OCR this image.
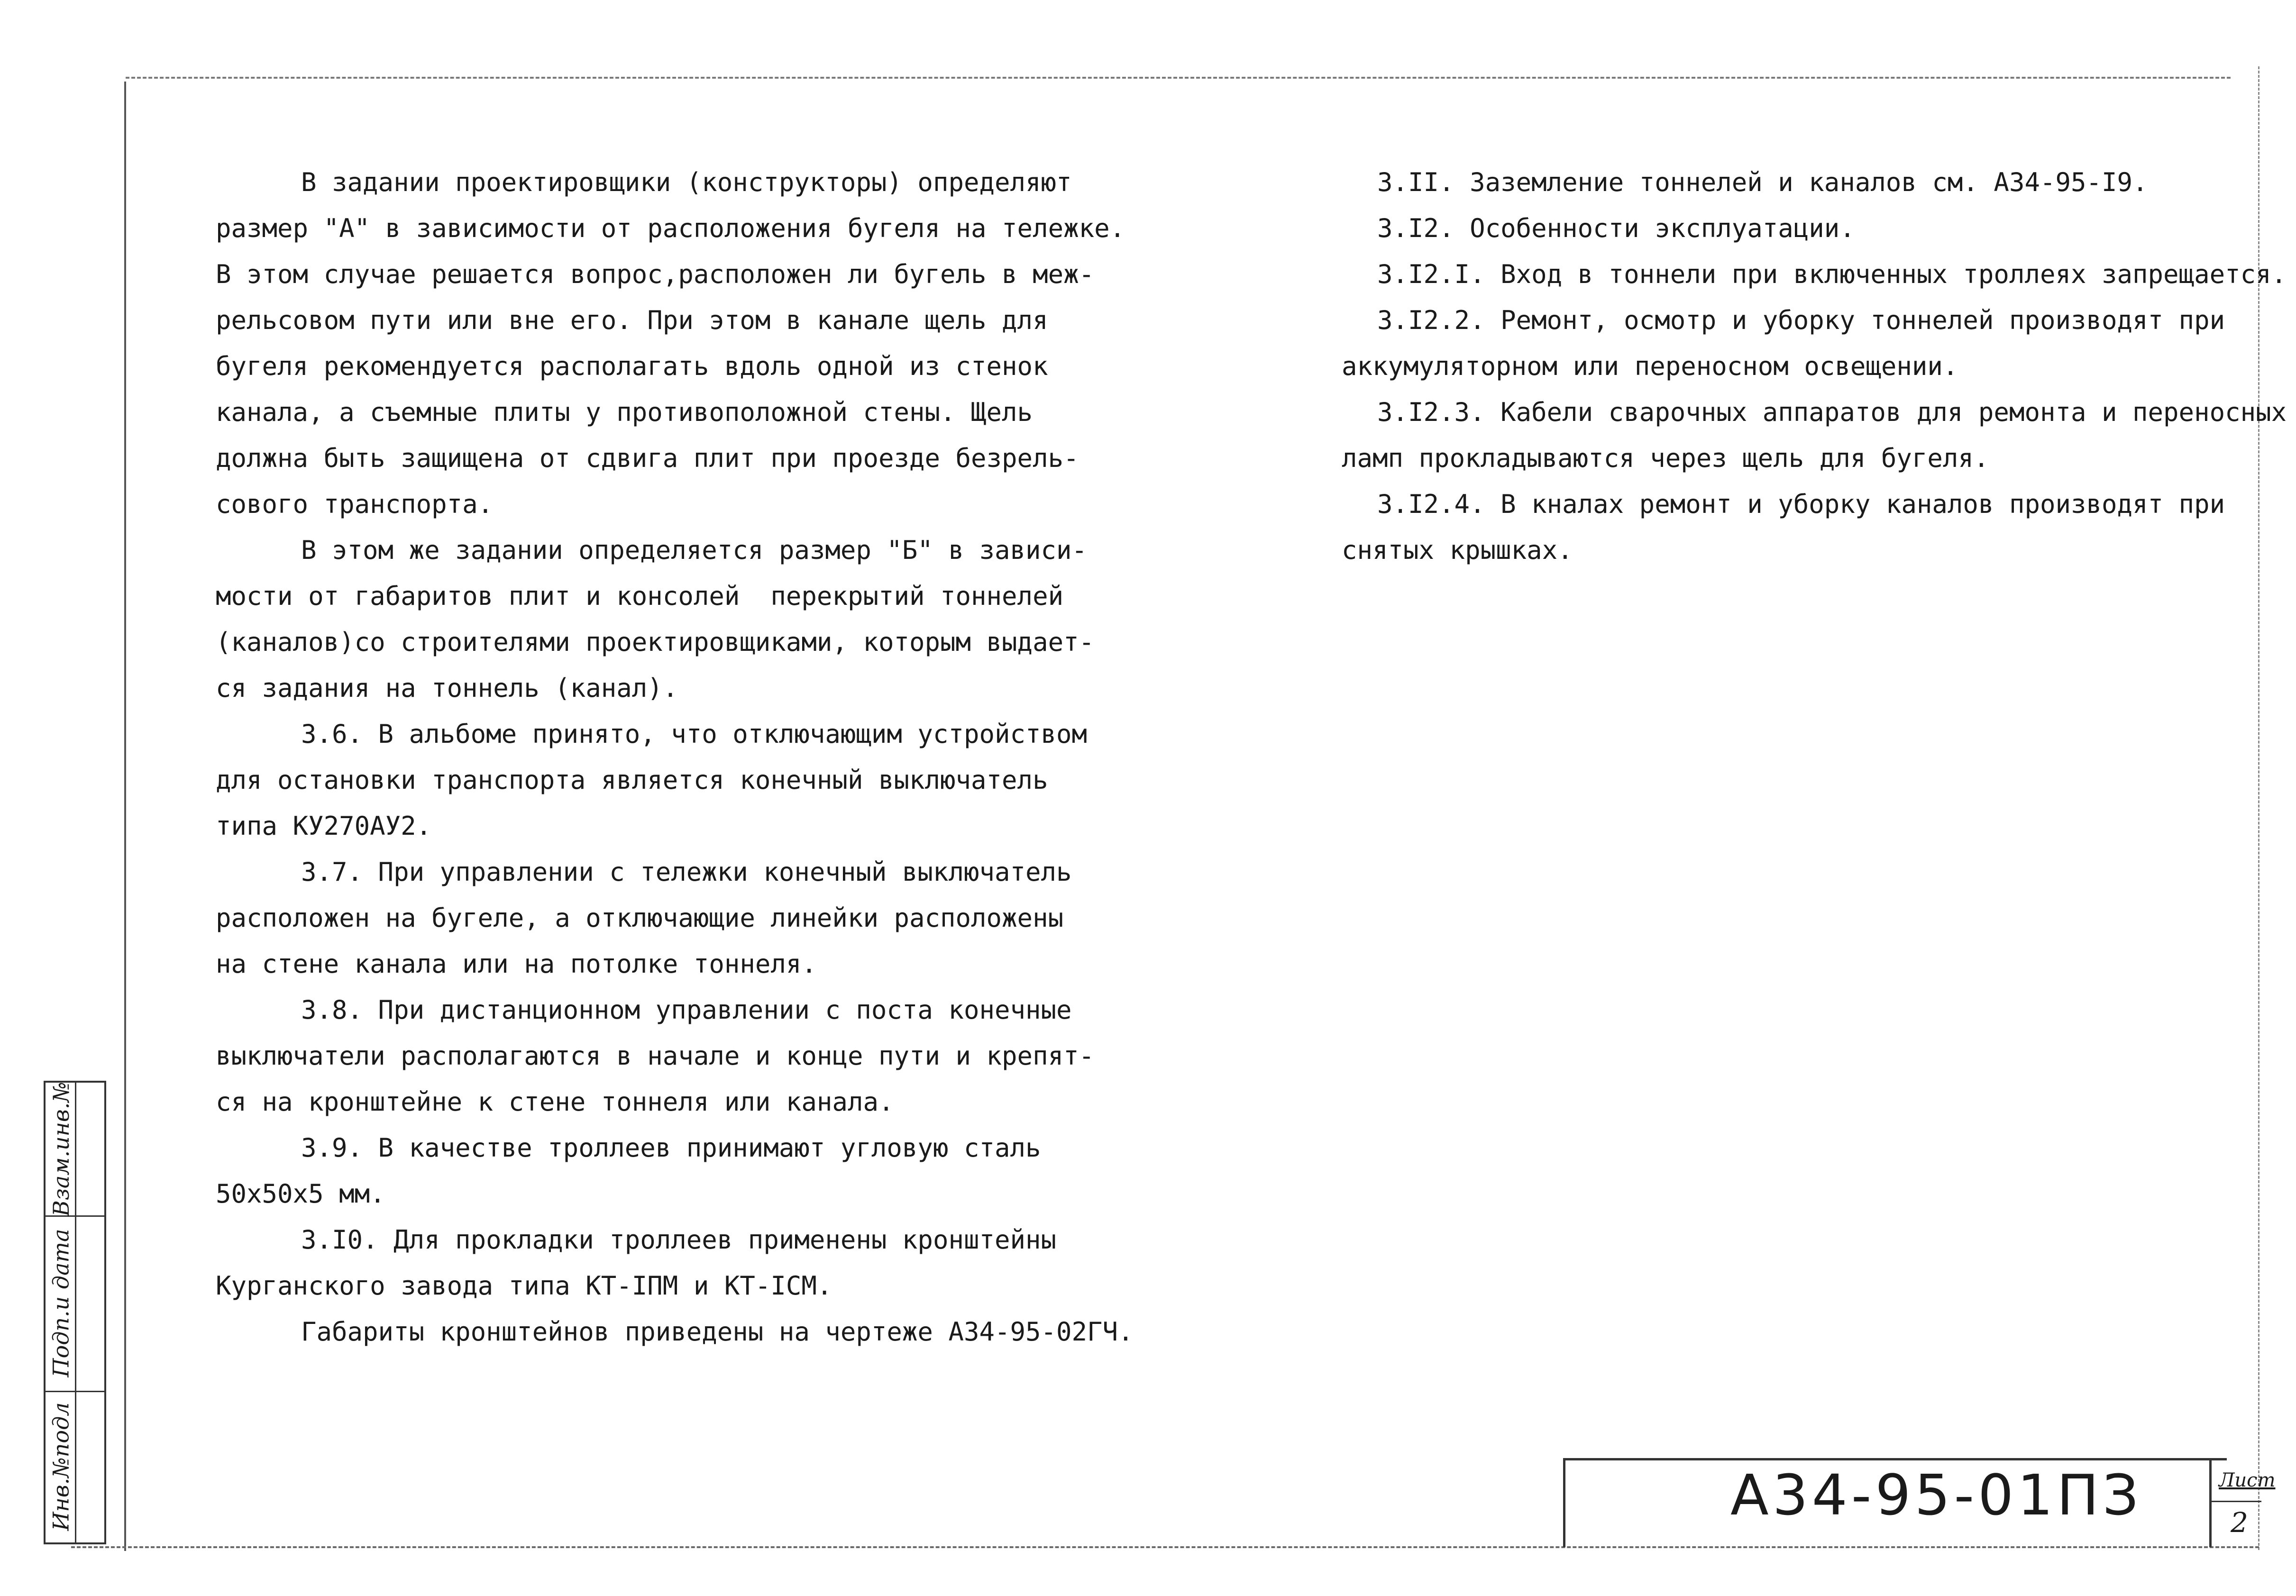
В задании проектировщики (конструкторы) определяют
размер "А" в зависимости от расположения бугеля на тележке.
В этом случае решается вопрос,расположен ли бугель в меж-
рельсовом пути или вне его. При этом в канале щель для
бугеля рекомендуется располагать вдоль одной из стенок
канала, а съемные плиты у противоположной стены. Щель
должна быть защищена от сдвига плит при проезде безрель-
сового транспорта.
В этом же задании определяется размер "Б" в зависи-
мости от габаритов плит и консолей  перекрытий тоннелей
(каналов)со строителями проектировщиками, которым выдает-
ся задания на тоннель (канал).
3.6. В альбоме принято, что отключающим устройством
для остановки транспорта является конечный выключатель
типа КУ270АУ2.
3.7. При управлении с тележки конечный выключатель
расположен на бугеле, а отключающие линейки расположены
на стене канала или на потолке тоннеля.
3.8. При дистанционном управлении с поста конечные
выключатели располагаются в начале и конце пути и крепят-
ся на кронштейне к стене тоннеля или канала.
3.9. В качестве троллеев принимают угловую сталь
50х50х5 мм.
3.I0. Для прокладки троллеев применены кронштейны
Курганского завода типа КТ-IПМ и КТ-IСМ.
Габариты кронштейнов приведены на чертеже А34-95-02ГЧ.
3.II. Заземление тоннелей и каналов см. А34-95-I9.
3.I2. Особенности эксплуатации.
3.I2.I. Вход в тоннели при включенных троллеях запрещается.
3.I2.2. Ремонт, осмотр и уборку тоннелей производят при
аккумуляторном или переносном освещении.
3.I2.3. Кабели сварочных аппаратов для ремонта и переносных
ламп прокладываются через щель для бугеля.
3.I2.4. В кналах ремонт и уборку каналов производят при
снятых крышках.
Взам.инв.№
Подп.и дата
Инв.№подл	А34-95-01ПЗ	Лист
2
